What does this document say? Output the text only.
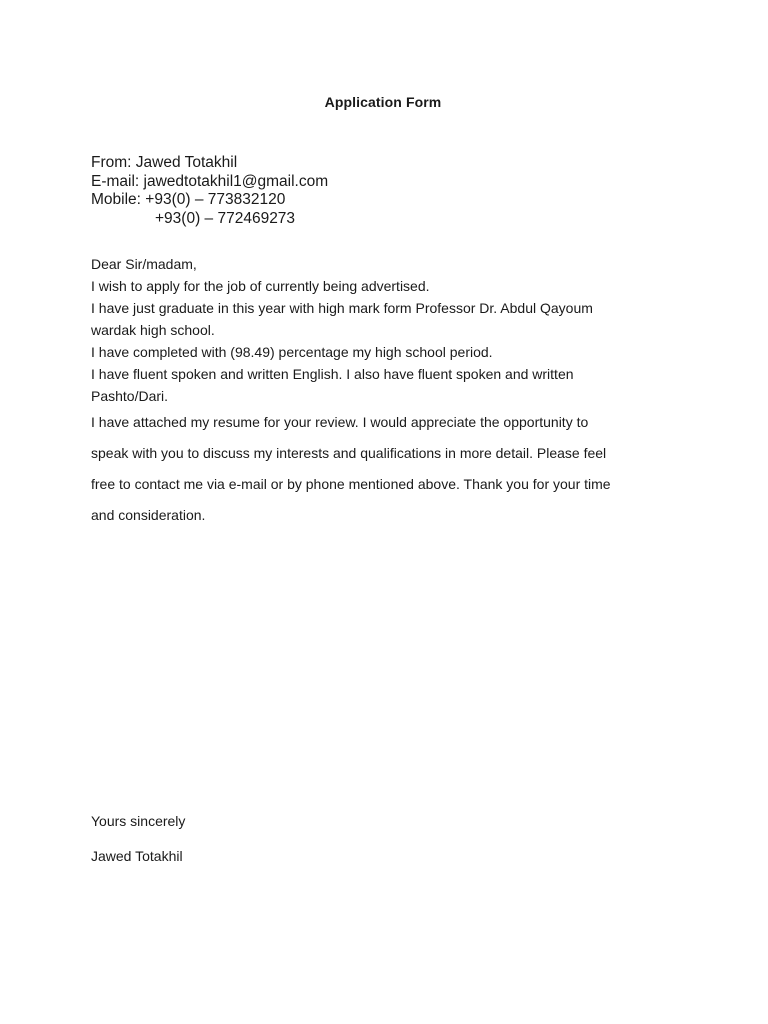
Application Form
From: Jawed Totakhil
E-mail: jawedtotakhil1@gmail.com
Mobile: +93(0) – 773832120
+93(0) – 772469273
Dear Sir/madam,
I wish to apply for the job of currently being advertised.
I have just graduate in this year with high mark form Professor Dr. Abdul Qayoum
wardak high school.
I have completed with (98.49) percentage my high school period.
I have fluent spoken and written English. I also have fluent spoken and written
Pashto/Dari.
I have attached my resume for your review. I would appreciate the opportunity to
speak with you to discuss my interests and qualifications in more detail. Please feel
free to contact me via e-mail or by phone mentioned above. Thank you for your time
and consideration.
Yours sincerely
Jawed Totakhil
